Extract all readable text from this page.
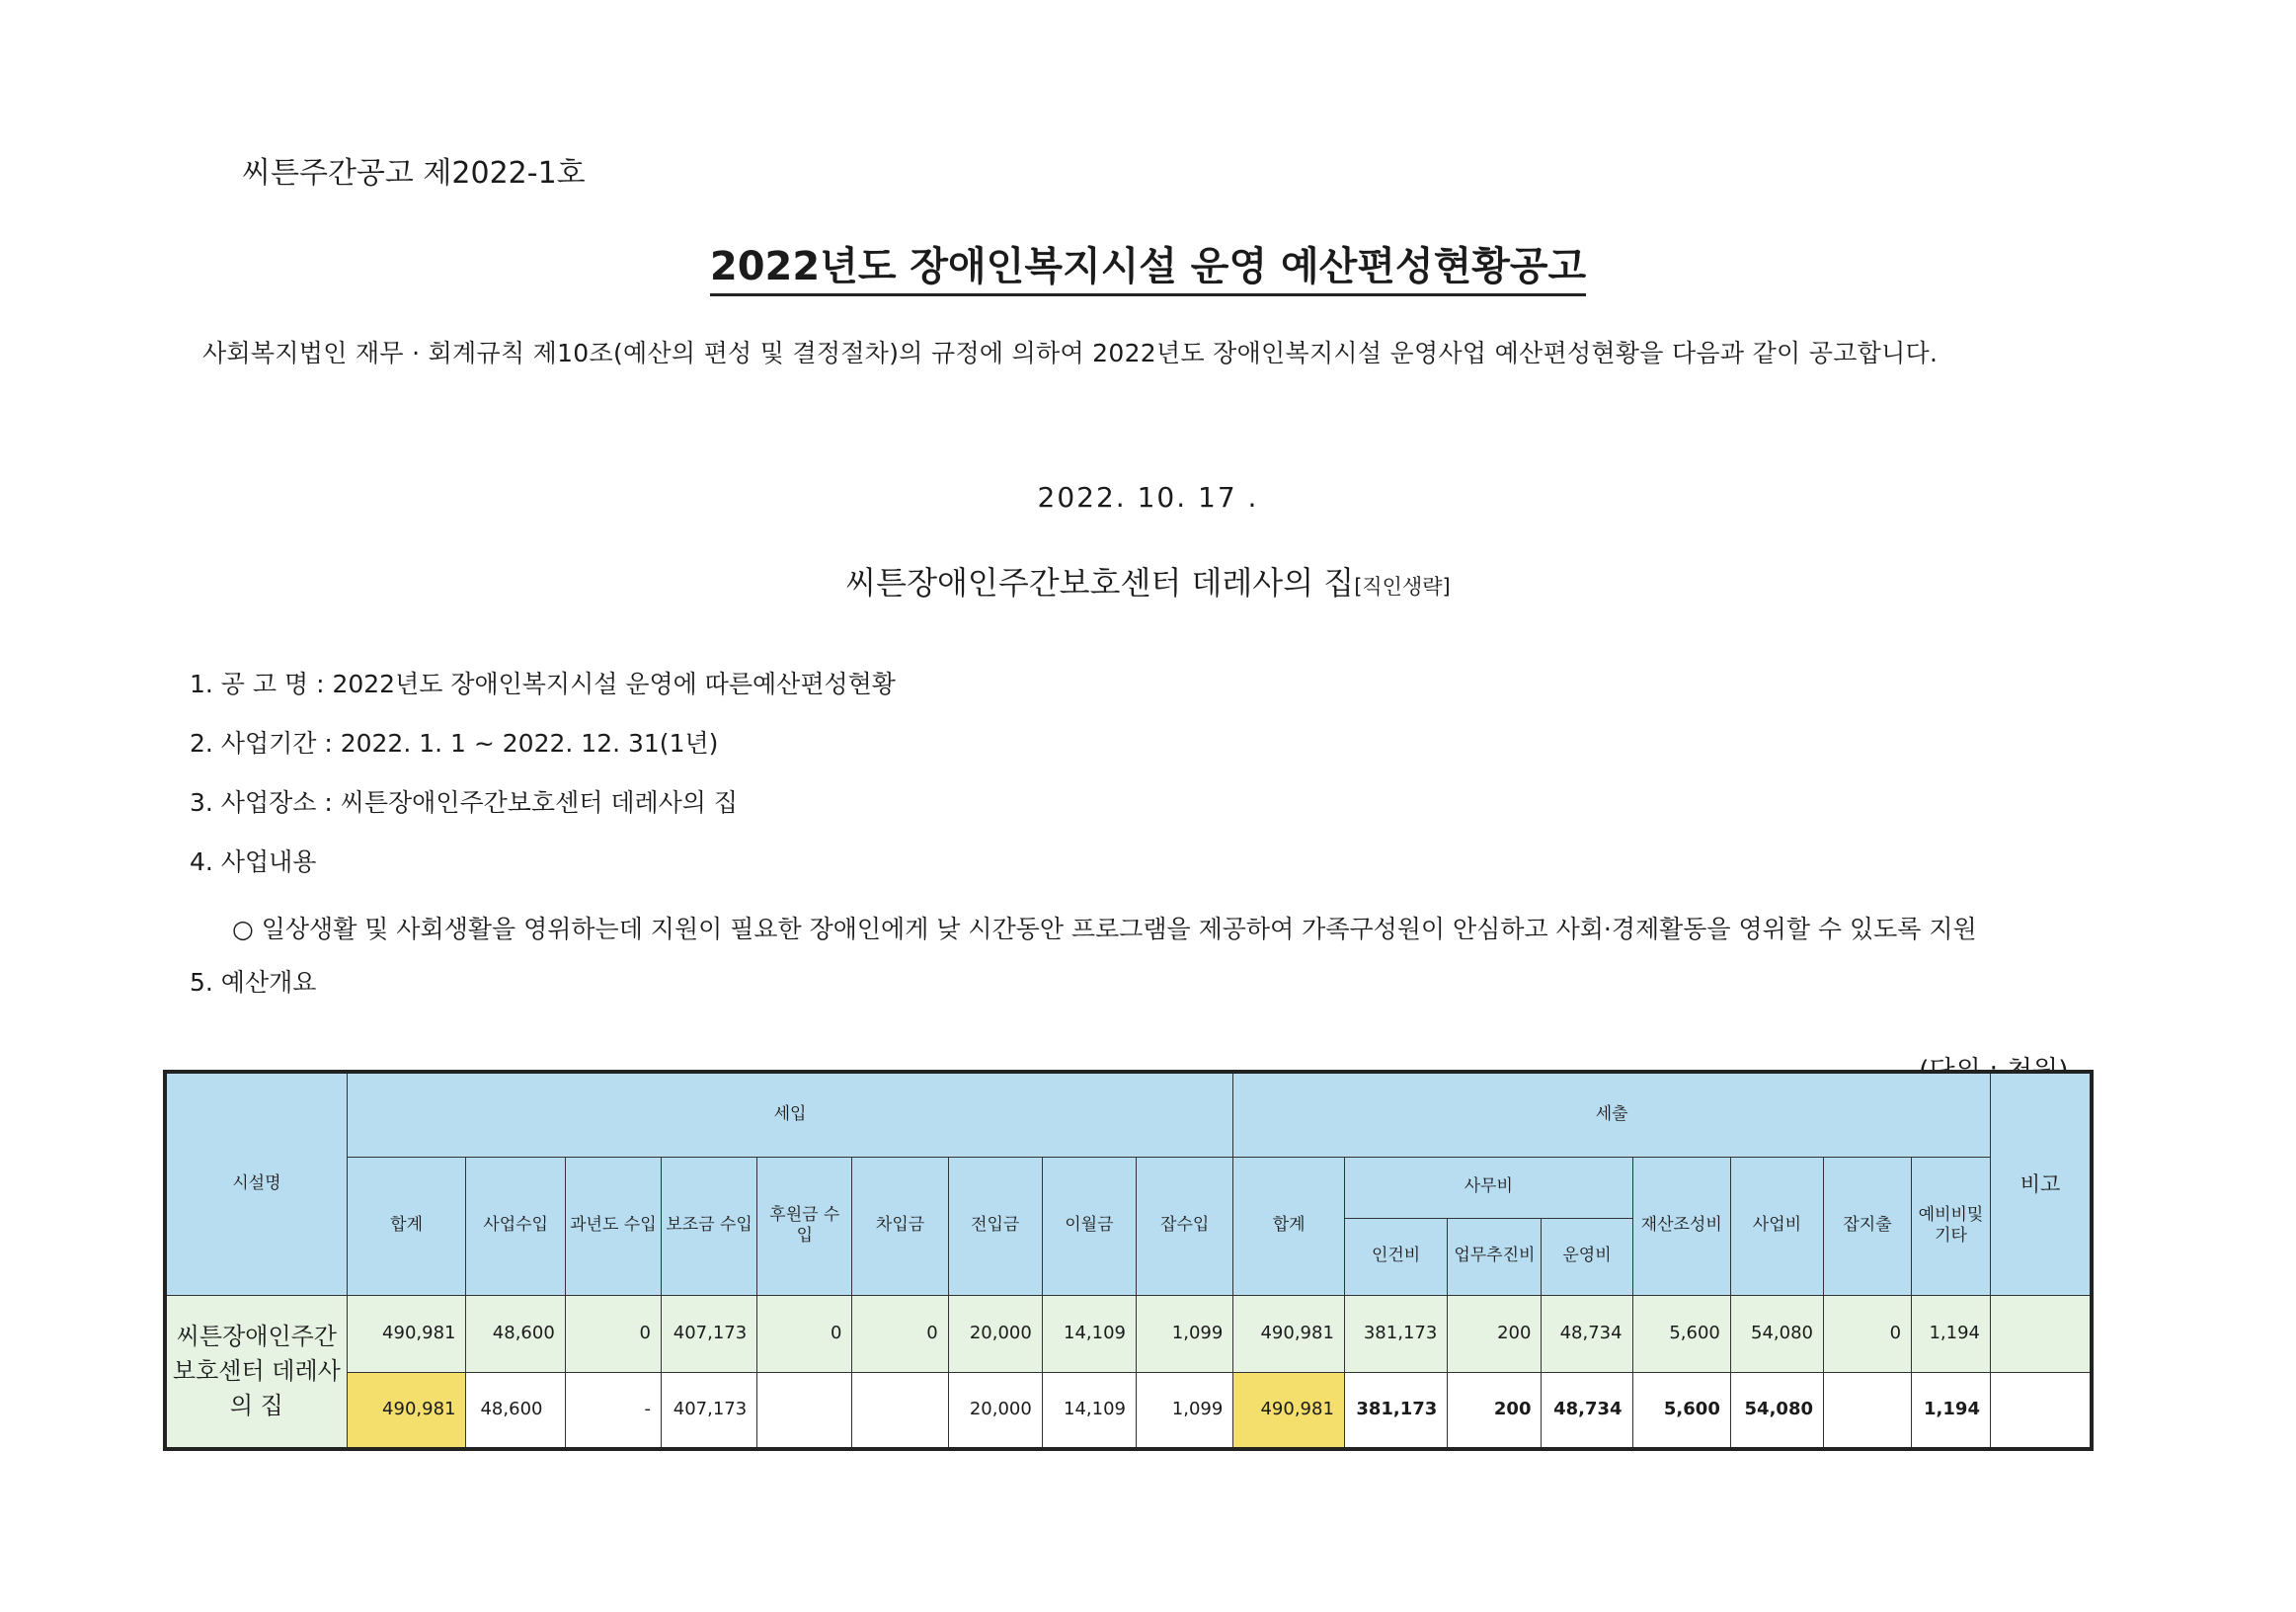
씨튼주간공고 제2022-1호
2022년도 장애인복지시설 운영 예산편성현황공고
사회복지법인 재무 · 회계규칙 제10조(예산의 편성 및 결정절차)의 규정에 의하여 2022년도 장애인복지시설 운영사업 예산편성현황을 다음과 같이 공고합니다.
2022. 10. 17 .
씨튼장애인주간보호센터 데레사의 집[직인생략]
1. 공 고 명 : 2022년도 장애인복지시설 운영에 따른예산편성현황
2. 사업기간 : 2022. 1. 1 ~ 2022. 12. 31(1년)
3. 사업장소 : 씨튼장애인주간보호센터 데레사의 집
4. 사업내용
○ 일상생활 및 사회생활을 영위하는데 지원이 필요한 장애인에게 낮 시간동안 프로그램을 제공하여 가족구성원이 안심하고 사회·경제활동을 영위할 수 있도록 지원
5. 예산개요
시설명	세입									세출								비고
	합계	사업수입	과년도 수입	보조금 수입	후원금 수입	차입금	전입금	이월금	잡수입	합계	사무비			재산조성비	사업비	잡지출	예비비및 기타	
											인건비	업무추진비	운영비					
씨튼장애인주간 보호센터 데레사 의 집	490,981	48,600	0	407,173	0	0	20,000	14,109	1,099	490,981	381,173	200	48,734	5,600	54,080	0	1,194	
	490,981	48,600	-	407,173			20,000	14,109	1,099	490,981	381,173	200	48,734	5,600	54,080		1,194	
